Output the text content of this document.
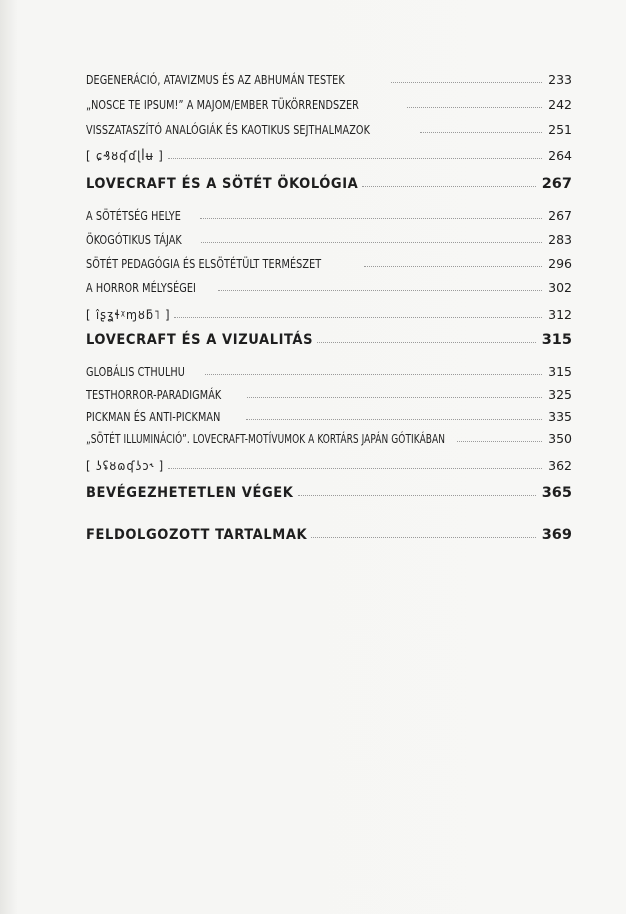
DEGENERÁCIÓ, ATAVIZMUS ÉS AZ ABHUMÁN TESTEK	233
„NOSCE TE IPSUM!” A MAJOM/EMBER TÜKÖRRENDSZER	242
VISSZATASZÍTÓ ANALÓGIÁK ÉS KAOTIKUS SEJTHALMAZOK	251
[ ɕ₰ȣʠɗɭꟾʉ ]	264
LOVECRAFT ÉS A SÖTÉT ÖKOLÓGIA	267
A SÖTÉTSÉG HELYE	267
ÖKOGÓTIKUS TÁJAK	283
SÖTÉT PEDAGÓGIA ÉS ELSÖTÉTÜLT TERMÉSZET	296
A HORROR MÉLYSÉGEI	302
[ îʂʓɬᵡɱȣƃ˥ ]	312
LOVECRAFT ÉS A VIZUALITÁS	315
GLOBÁLIS CTHULHU	315
TESTHORROR-PARADIGMÁK	325
PICKMAN ÉS ANTI-PICKMAN	335
„SÖTÉT ILLUMINÁCIÓ”. LOVECRAFT-MOTÍVUMOK A KORTÁRS JAPÁN GÓTIKÁBAN	350
[ ʖʢȣɷʠʖɔ˞ ]	362
BEVÉGEZHETETLEN VÉGEK	365
FELDOLGOZOTT TARTALMAK	369
